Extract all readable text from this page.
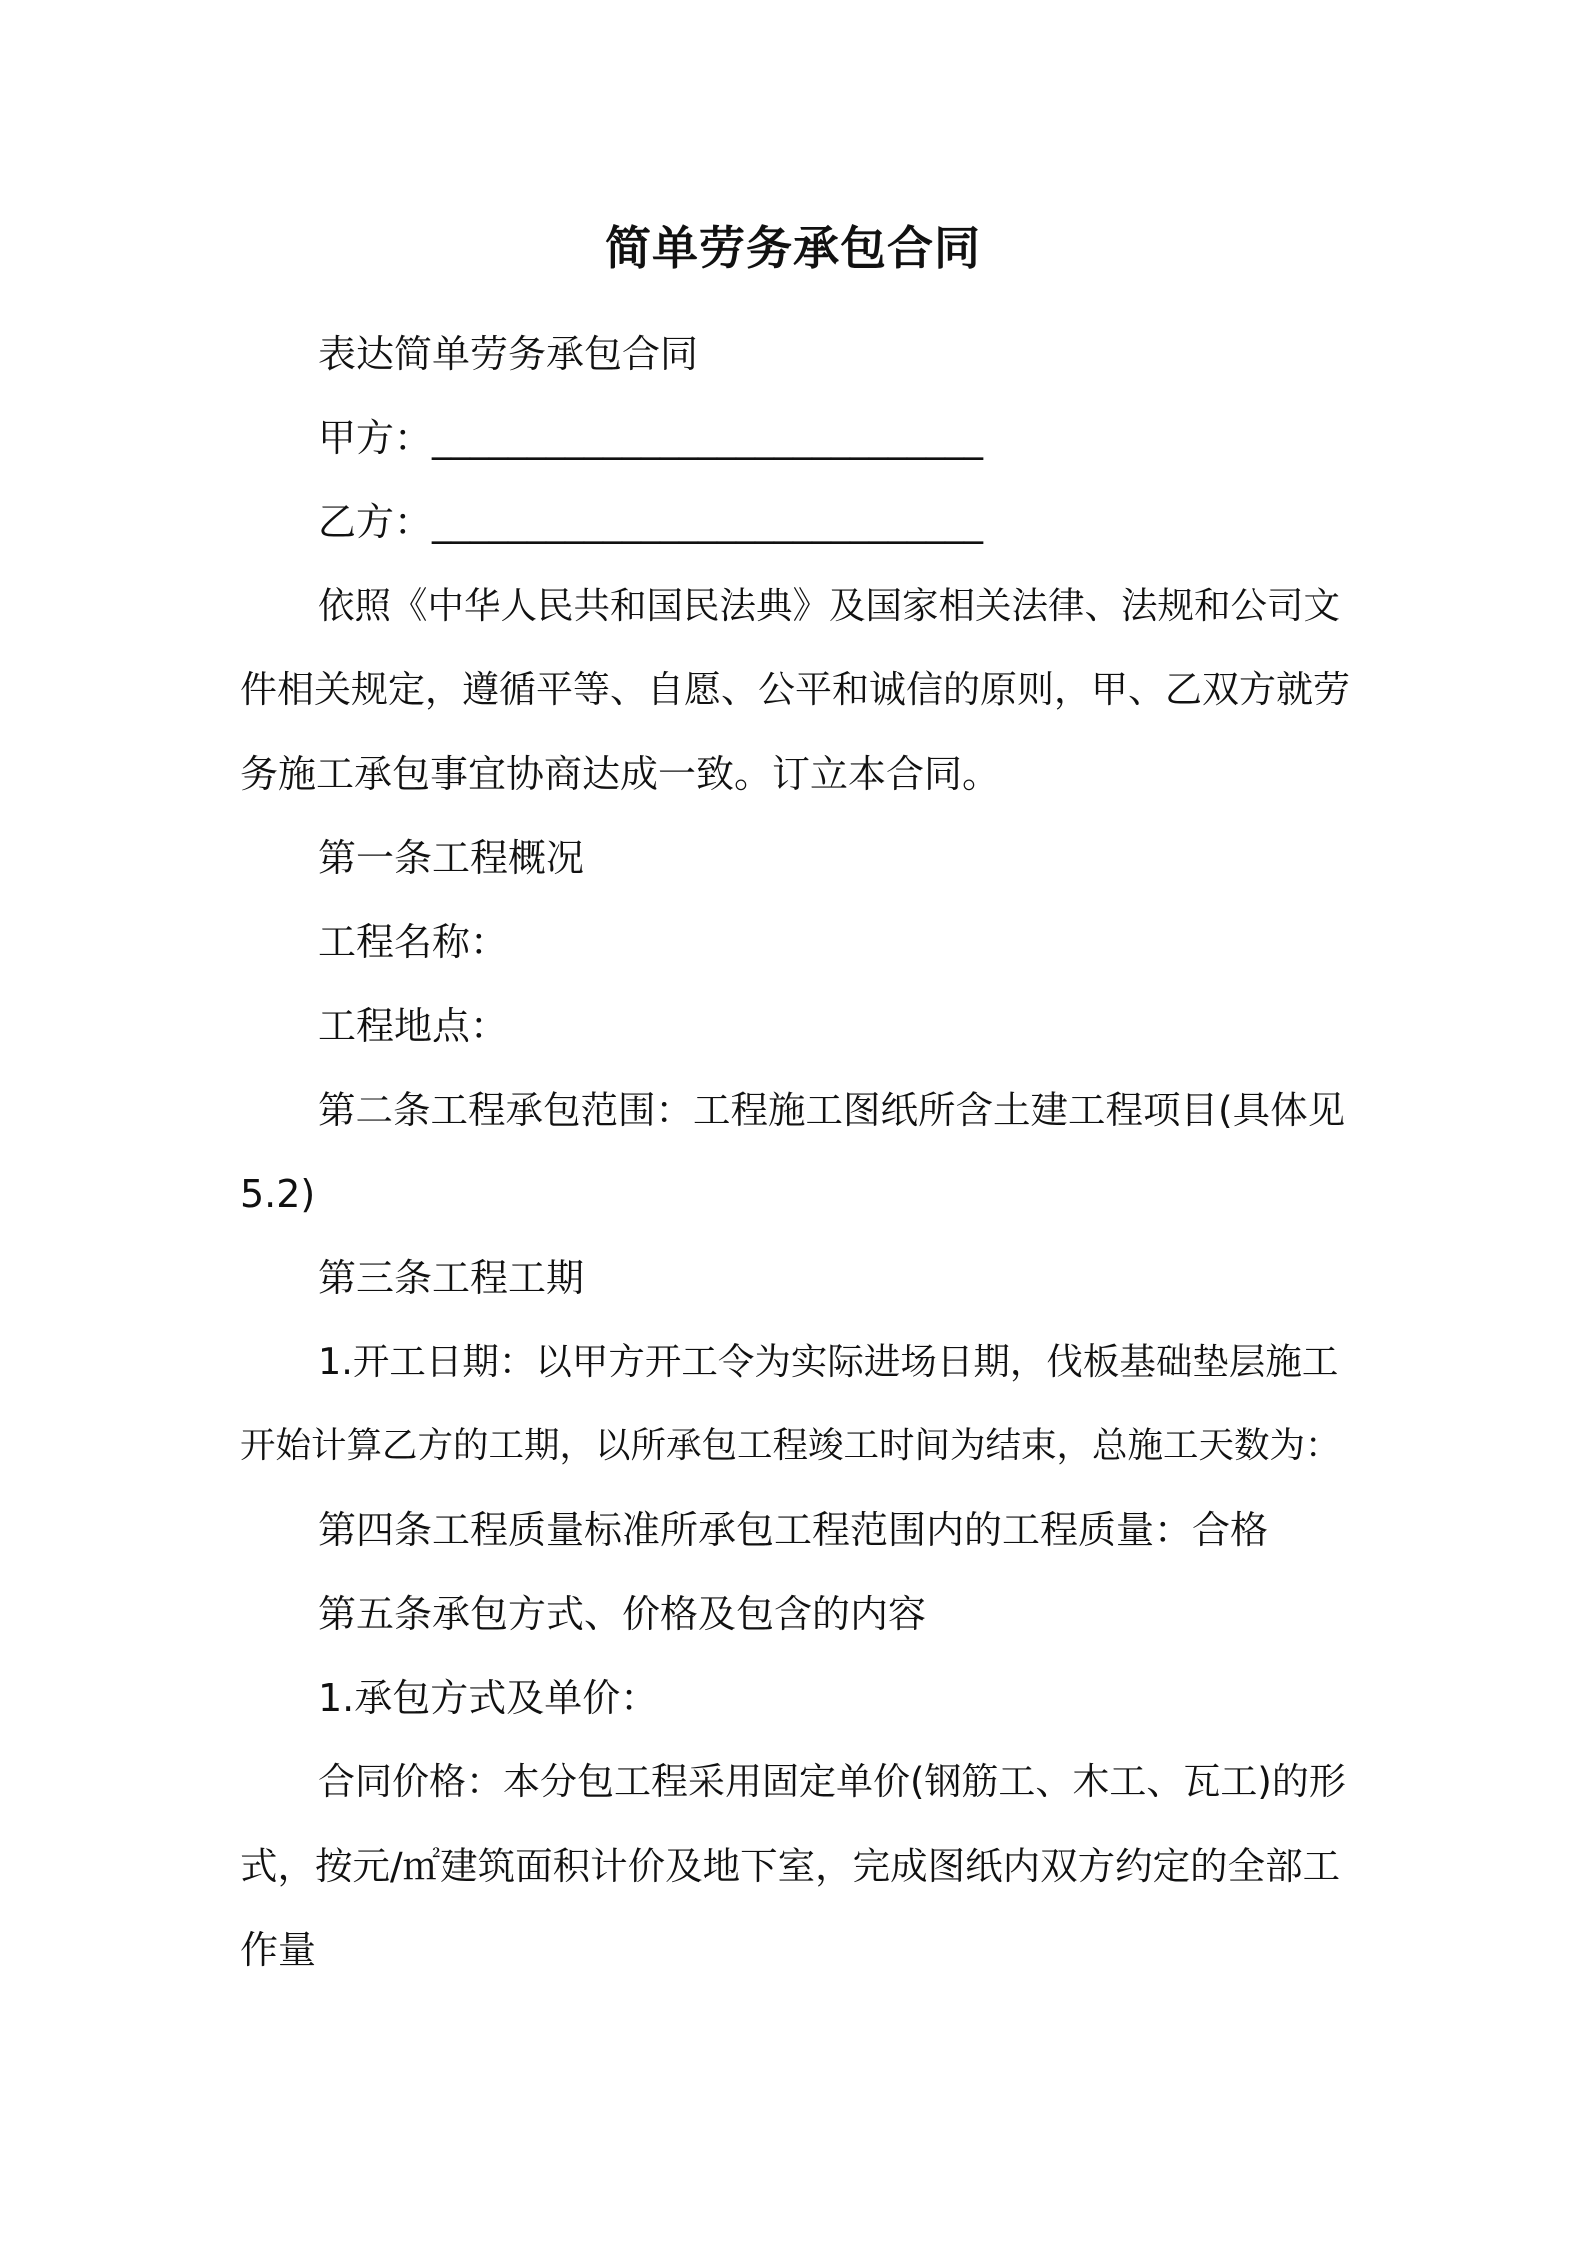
简单劳务承包合同

表达简单劳务承包合同

甲方：_____________________________

乙方：_____________________________

依照《中华人民共和国民法典》及国家相关法律、法规和公司文

件相关规定，遵循平等、自愿、公平和诚信的原则，甲、乙双方就劳

务施工承包事宜协商达成一致。订立本合同。

第一条工程概况

工程名称：

工程地点：

第二条工程承包范围：工程施工图纸所含土建工程项目(具体见

5.2)

第三条工程工期

1.开工日期：以甲方开工令为实际进场日期，伐板基础垫层施工

开始计算乙方的工期，以所承包工程竣工时间为结束，总施工天数为：

第四条工程质量标准所承包工程范围内的工程质量：合格

第五条承包方式、价格及包含的内容

1.承包方式及单价：

合同价格：本分包工程采用固定单价(钢筋工、木工、瓦工)的形

式，按元/㎡建筑面积计价及地下室，完成图纸内双方约定的全部工

作量
